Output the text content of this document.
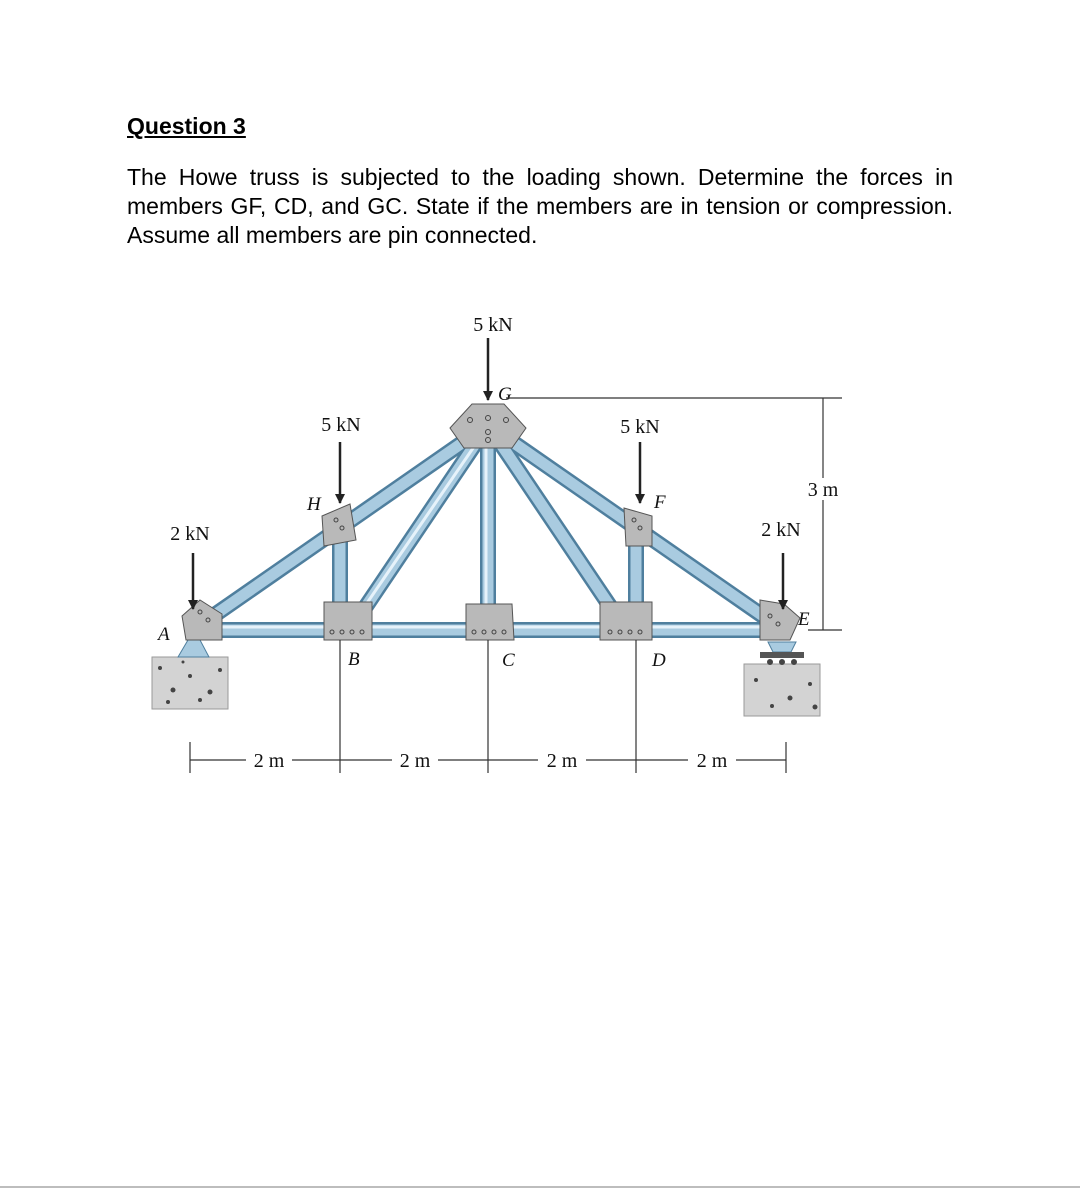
Question 3
The Howe truss is subjected to the loading shown. Determine the forces in members GF, CD, and GC. State if the members are in tension or compression. Assume all members are pin connected.
5 kN
5 kN	5 kN
2 kN	2 kN
G
H	F
A
B	C	D
E
3 m
2 m	2 m	2 m	2 m
